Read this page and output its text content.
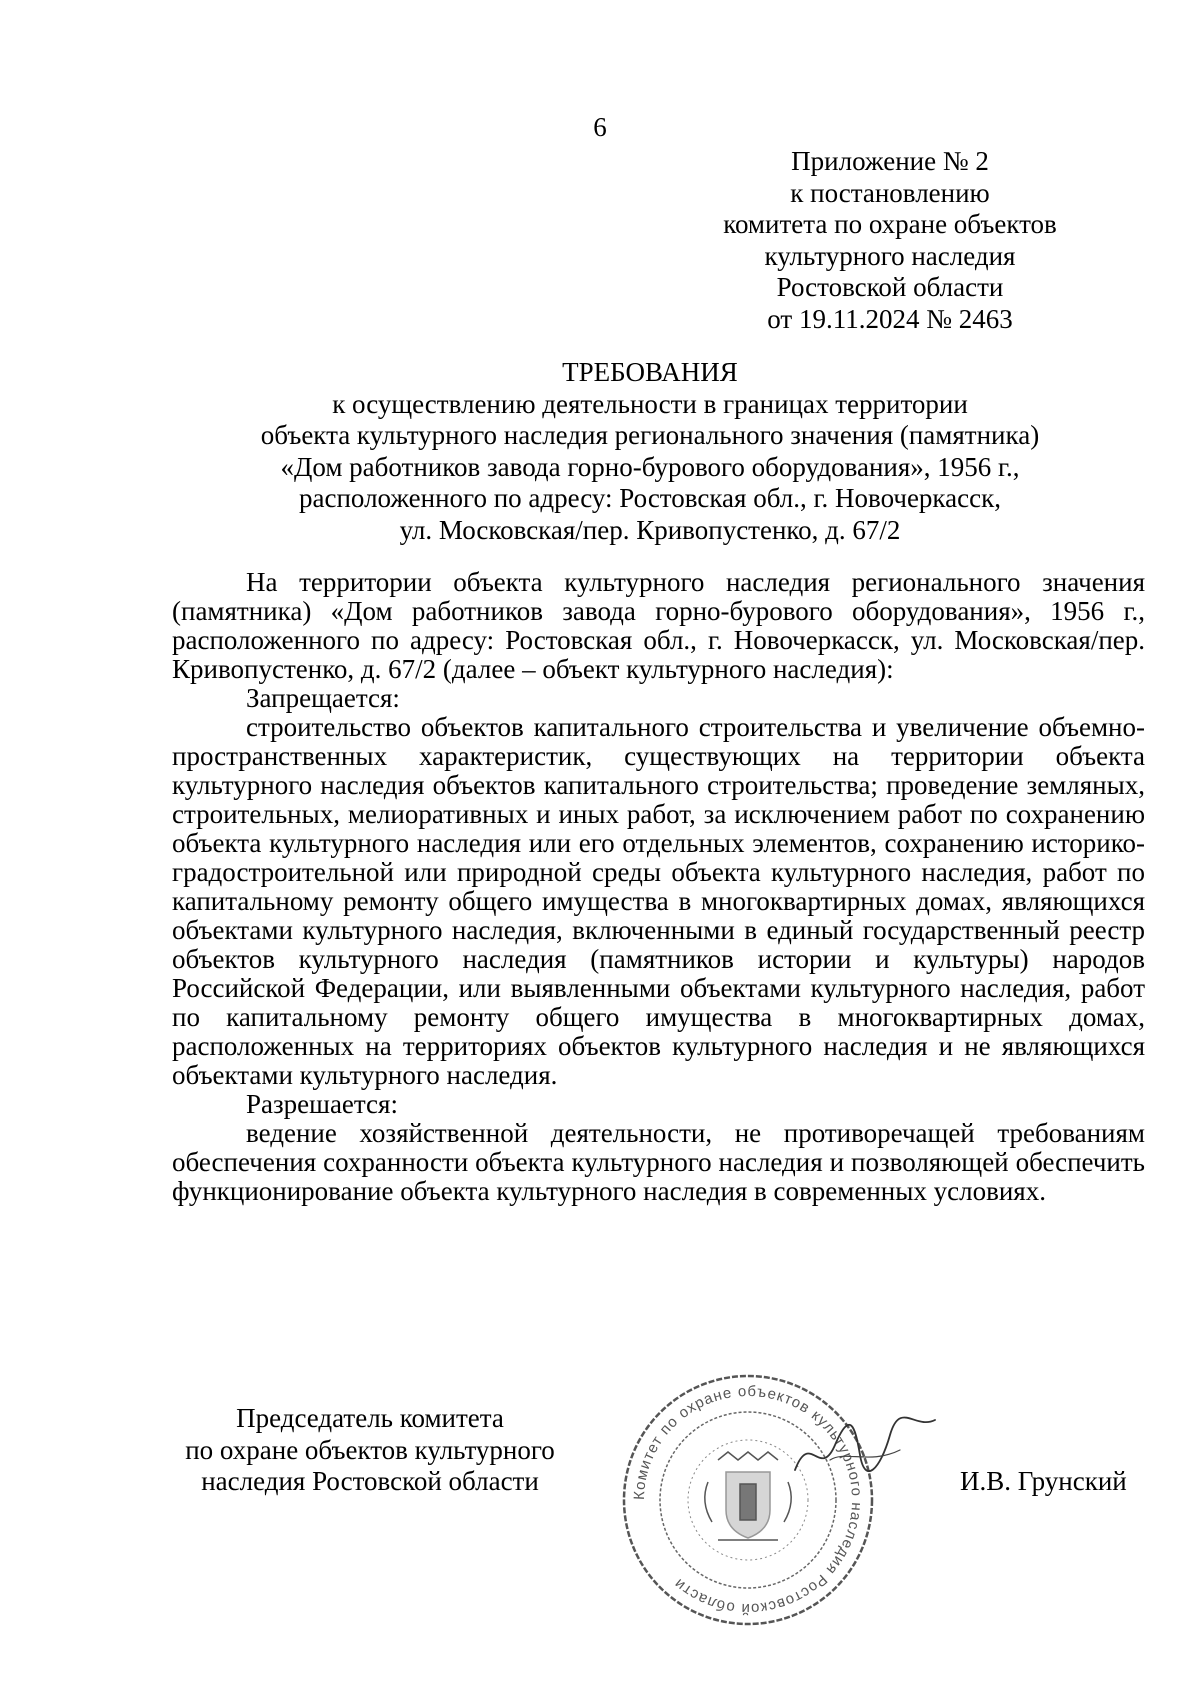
6
Приложение № 2
к постановлению
комитета по охране объектов
культурного наследия
Ростовской области
от 19.11.2024 № 2463
ТРЕБОВАНИЯ
к осуществлению деятельности в границах территории
объекта культурного наследия регионального значения (памятника)
«Дом работников завода горно-бурового оборудования», 1956 г.,
расположенного по адресу: Ростовская обл., г. Новочеркасск,
ул. Московская/пер. Кривопустенко, д. 67/2

На территории объекта культурного наследия регионального значения (памятника) «Дом работников завода горно-бурового оборудования», 1956 г., расположенного по адресу: Ростовская обл., г. Новочеркасск, ул. Московская/пер. Кривопустенко, д. 67/2 (далее – объект культурного наследия):

Запрещается:

строительство объектов капитального строительства и увеличение объемно-пространственных характеристик, существующих на территории объекта культурного наследия объектов капитального строительства; проведение земляных, строительных, мелиоративных и иных работ, за исключением работ по сохранению объекта культурного наследия или его отдельных элементов, сохранению историко-градостроительной или природной среды объекта культурного наследия, работ по капитальному ремонту общего имущества в многоквартирных домах, являющихся объектами культурного наследия, включенными в единый государственный реестр объектов культурного наследия (памятников истории и культуры) народов Российской Федерации, или выявленными объектами культурного наследия, работ по капитальному ремонту общего имущества в многоквартирных домах, расположенных на территориях объектов культурного наследия и не являющихся объектами культурного наследия.

Разрешается:

ведение хозяйственной деятельности, не противоречащей требованиям обеспечения сохранности объекта культурного наследия и позволяющей обеспечить функционирование объекта культурного наследия в современных условиях.

Председатель комитета
по охране объектов культурного
наследия Ростовской области	Комитет по охране объектов культурного наследия Ростовской области
И.В. Грунский
